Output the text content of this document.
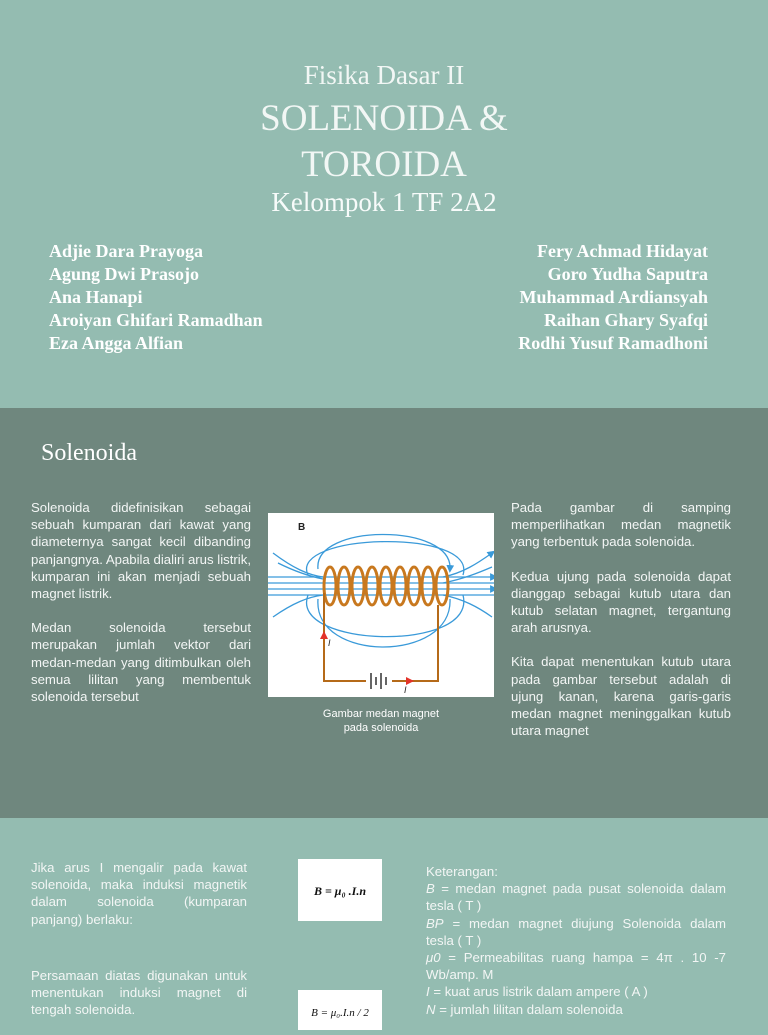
Fisika Dasar II
SOLENOIDA &
TOROIDA
Kelompok 1 TF 2A2
Adjie Dara Prayoga
Agung Dwi Prasojo
Ana Hanapi
Aroiyan Ghifari Ramadhan
Eza Angga Alfian
Fery Achmad Hidayat
Goro Yudha Saputra
Muhammad Ardiansyah
Raihan Ghary Syafqi
Rodhi Yusuf Ramadhoni
Solenoida

Solenoida didefinisikan sebagai sebuah kumparan dari kawat yang diameternya sangat kecil dibanding panjangnya. Apabila dialiri arus listrik, kumparan ini akan menjadi sebuah magnet listrik.

Medan solenoida tersebut merupakan jumlah vektor dari medan-medan yang ditimbulkan oleh semua lilitan yang membentuk solenoida tersebut

B
I
I
Gambar medan magnet
pada solenoida

Pada gambar di samping memperlihatkan medan magnetik yang terbentuk pada solenoida.

Kedua ujung pada solenoida dapat dianggap sebagai kutub utara dan kutub selatan magnet, tergantung arah arusnya.

Kita dapat menentukan kutub utara pada gambar tersebut adalah di ujung kanan, karena garis-garis medan magnet meninggalkan kutub utara magnet

Jika arus I mengalir pada kawat solenoida, maka induksi magnetik dalam solenoida (kumparan panjang) berlaku:
Persamaan diatas digunakan untuk menentukan induksi magnet di tengah solenoida.
B = μ₀ .I.n
B = μ₀.I.n / 2
Keterangan:
B = medan magnet pada pusat solenoida dalam tesla ( T )
BP = medan magnet diujung Solenoida dalam tesla ( T )
μ0 = Permeabilitas ruang hampa = 4π . 10 -7 Wb/amp. M
I = kuat arus listrik dalam ampere ( A )
N = jumlah lilitan dalam solenoida
